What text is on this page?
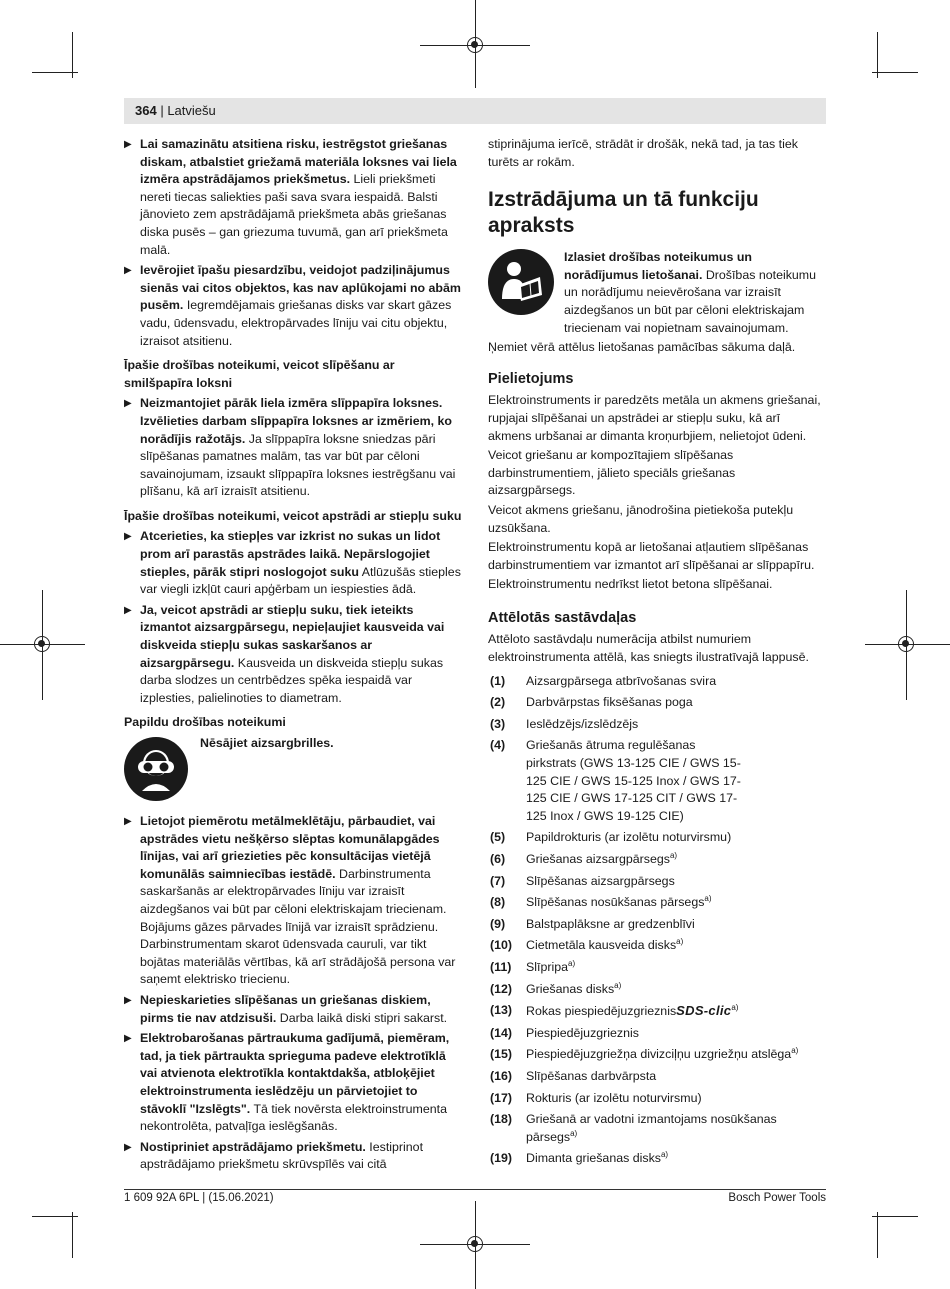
364 | Latviešu
▶ Lai samazinātu atsitiena risku, iestrēgstot griešanas diskam, atbalstiet griežamā materiāla loksnes vai liela izmēra apstrādājamos priekšmetus. Lieli priekšmeti nereti tiecas saliekties paši sava svara iespaidā. Balsti jānovieto zem apstrādājamā priekšmeta abās griešanas diska pusēs – gan griezuma tuvumā, gan arī priekšmeta malā.
▶ Ievērojiet īpašu piesardzību, veidojot padziļinājumus sienās vai citos objektos, kas nav aplūkojami no abām pusēm. Iegremdējamais griešanas disks var skart gāzes vadu, ūdensvadu, elektropārvades līniju vai citu objektu, izraisot atsitienu.
Īpašie drošības noteikumi, veicot slīpēšanu ar smilšpapīra loksni
▶ Neizmantojiet pārāk liela izmēra slīppapīra loksnes. Izvēlieties darbam slīppapīra loksnes ar izmēriem, ko norādījis ražotājs. Ja slīppapīra loksne sniedzas pāri slīpēšanas pamatnes malām, tas var būt par cēloni savainojumam, izsaukt slīppapīra loksnes iestrēgšanu vai plīšanu, kā arī izraisīt atsitienu.
Īpašie drošības noteikumi, veicot apstrādi ar stiepļu suku
▶ Atcerieties, ka stiepļes var izkrist no sukas un lidot prom arī parastās apstrādes laikā. Nepārslogojiet stieples, pārāk stipri noslogojot suku Atlūzušās stieples var viegli izkļūt cauri apģērbam un iespiesties ādā.
▶ Ja, veicot apstrādi ar stiepļu suku, tiek ieteikts izmantot aizsargpārsegu, nepieļaujiet kausveida vai diskveida stiepļu sukas saskaršanos ar aizsargpārsegu. Kausveida un diskveida stiepļu sukas darba slodzes un centrbēdzes spēka iespaidā var izplesties, palielinoties to diametram.
Papildu drošības noteikumi
Nēsājiet aizsargbrilles.
▶ Lietojot piemērotu metālmeklētāju, pārbaudiet, vai apstrādes vietu nešķērso slēptas komunālapgādes līnijas, vai arī griezieties pēc konsultācijas vietējā komunālās saimniecības iestādē. Darbinstrumenta saskaršanās ar elektropārvades līniju var izraisīt aizdegšanos vai būt par cēloni elektriskajam triecienam. Bojājums gāzes pārvades līnijā var izraisīt sprādzienu. Darbinstrumentam skarot ūdensvada cauruli, var tikt bojātas materiālās vērtības, kā arī strādājošā persona var saņemt elektrisko triecienu.
▶ Nepieskarieties slīpēšanas un griešanas diskiem, pirms tie nav atdzisuši. Darba laikā diski stipri sakarst.
▶ Elektrobarošanas pārtraukuma gadījumā, piemēram, tad, ja tiek pārtraukta sprieguma padeve elektrotīklā vai atvienota elektrotīkla kontaktdakša, atbloķējiet elektroinstrumenta ieslēdzēju un pārvietojiet to stāvoklī "Izslēgts". Tā tiek novērsta elektroinstrumenta nekontrolēta, patvaļīga ieslēgšanās.
▶ Nostipriniet apstrādājamo priekšmetu. Iestiprinot apstrādājamo priekšmetu skrūvspīlēs vai citā
stiprinājuma ierīcē, strādāt ir drošāk, nekā tad, ja tas tiek turēts ar rokām.
Izstrādājuma un tā funkciju apraksts
Izlasiet drošības noteikumus un norādījumus lietošanai. Drošības noteikumu un norādījumu neievērošana var izraisīt aizdegšanos un būt par cēloni elektriskajam triecienam vai nopietnam savainojumam.
Ņemiet vērā attēlus lietošanas pamācības sākuma daļā.
Pielietojums
Elektroinstruments ir paredzēts metāla un akmens griešanai, rupjajai slīpēšanai un apstrādei ar stiepļu suku, kā arī akmens urbšanai ar dimanta kroņurbjiem, nelietojot ūdeni.
Veicot griešanu ar kompozītajiem slīpēšanas darbinstrumentiem, jālieto speciāls griešanas aizsargpārsegs.
Veicot akmens griešanu, jānodrošina pietiekoša putekļu uzsūkšana.
Elektroinstrumentu kopā ar lietošanai atļautiem slīpēšanas darbinstrumentiem var izmantot arī slīpēšanai ar slīppapīru.
Elektroinstrumentu nedrīkst lietot betona slīpēšanai.
Attēlotās sastāvdaļas
Attēloto sastāvdaļu numerācija atbilst numuriem elektroinstrumenta attēlā, kas sniegts ilustratīvajā lappusē.
(1)	Aizsargpārsega atbrīvošanas svira
(2)	Darbvārpstas fiksēšanas poga
(3)	Ieslēdzējs/izslēdzējs
(4)	Griešanās ātruma regulēšanas pirkstrats (GWS 13-125 CIE / GWS 15-125 CIE / GWS 15-125 Inox / GWS 17-125 CIE / GWS 17-125 CIT / GWS 17-125 Inox / GWS 19-125 CIE)
(5)	Papildrokturis (ar izolētu noturvirsmu)
(6)	Griešanas aizsargpārsegs$^{a)}$
(7)	Slīpēšanas aizsargpārsegs
(8)	Slīpēšanas nosūkšanas pārsegs$^{a)}$
(9)	Balstpaplāksne ar gredzenblīvi
(10)	Cietmetāla kausveida disks$^{a)}$
(11)	Slīpripa$^{a)}$
(12)	Griešanas disks$^{a)}$
(13)	Rokas piespiedējuzgrieznisSDS-clic$^{a)}$
(14)	Piespiedējuzgrieznis
(15)	Piespiedējuzgriežņa divizciļņu uzgriežņu atslēga$^{a)}$
(16)	Slīpēšanas darbvārpsta
(17)	Rokturis (ar izolētu noturvirsmu)
(18)	Griešanā ar vadotni izmantojams nosūkšanas pārsegs$^{a)}$
(19)	Dimanta griešanas disks$^{a)}$
1 609 92A 6PL | (15.06.2021)	Bosch Power Tools
